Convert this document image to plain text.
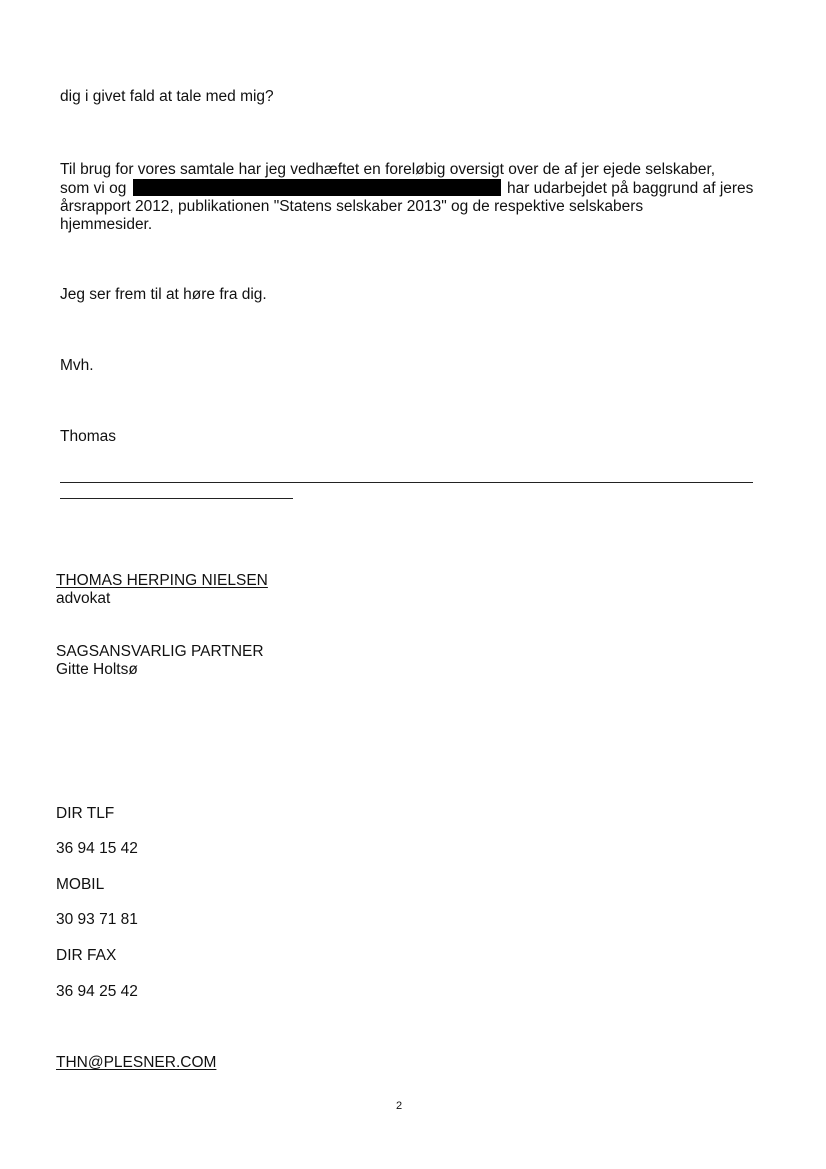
dig i givet fald at tale med mig?
Til brug for vores samtale har jeg vedhæftet en foreløbig oversigt over de af jer ejede selskaber,
som vi og	har udarbejdet på baggrund af jeres
årsrapport 2012, publikationen "Statens selskaber 2013" og de respektive selskabers
hjemmesider.
Jeg ser frem til at høre fra dig.
Mvh.
Thomas
THOMAS HERPING NIELSEN
advokat
SAGSANSVARLIG PARTNER
Gitte Holtsø
DIR TLF
36 94 15 42
MOBIL
30 93 71 81
DIR FAX
36 94 25 42
THN@PLESNER.COM
2
